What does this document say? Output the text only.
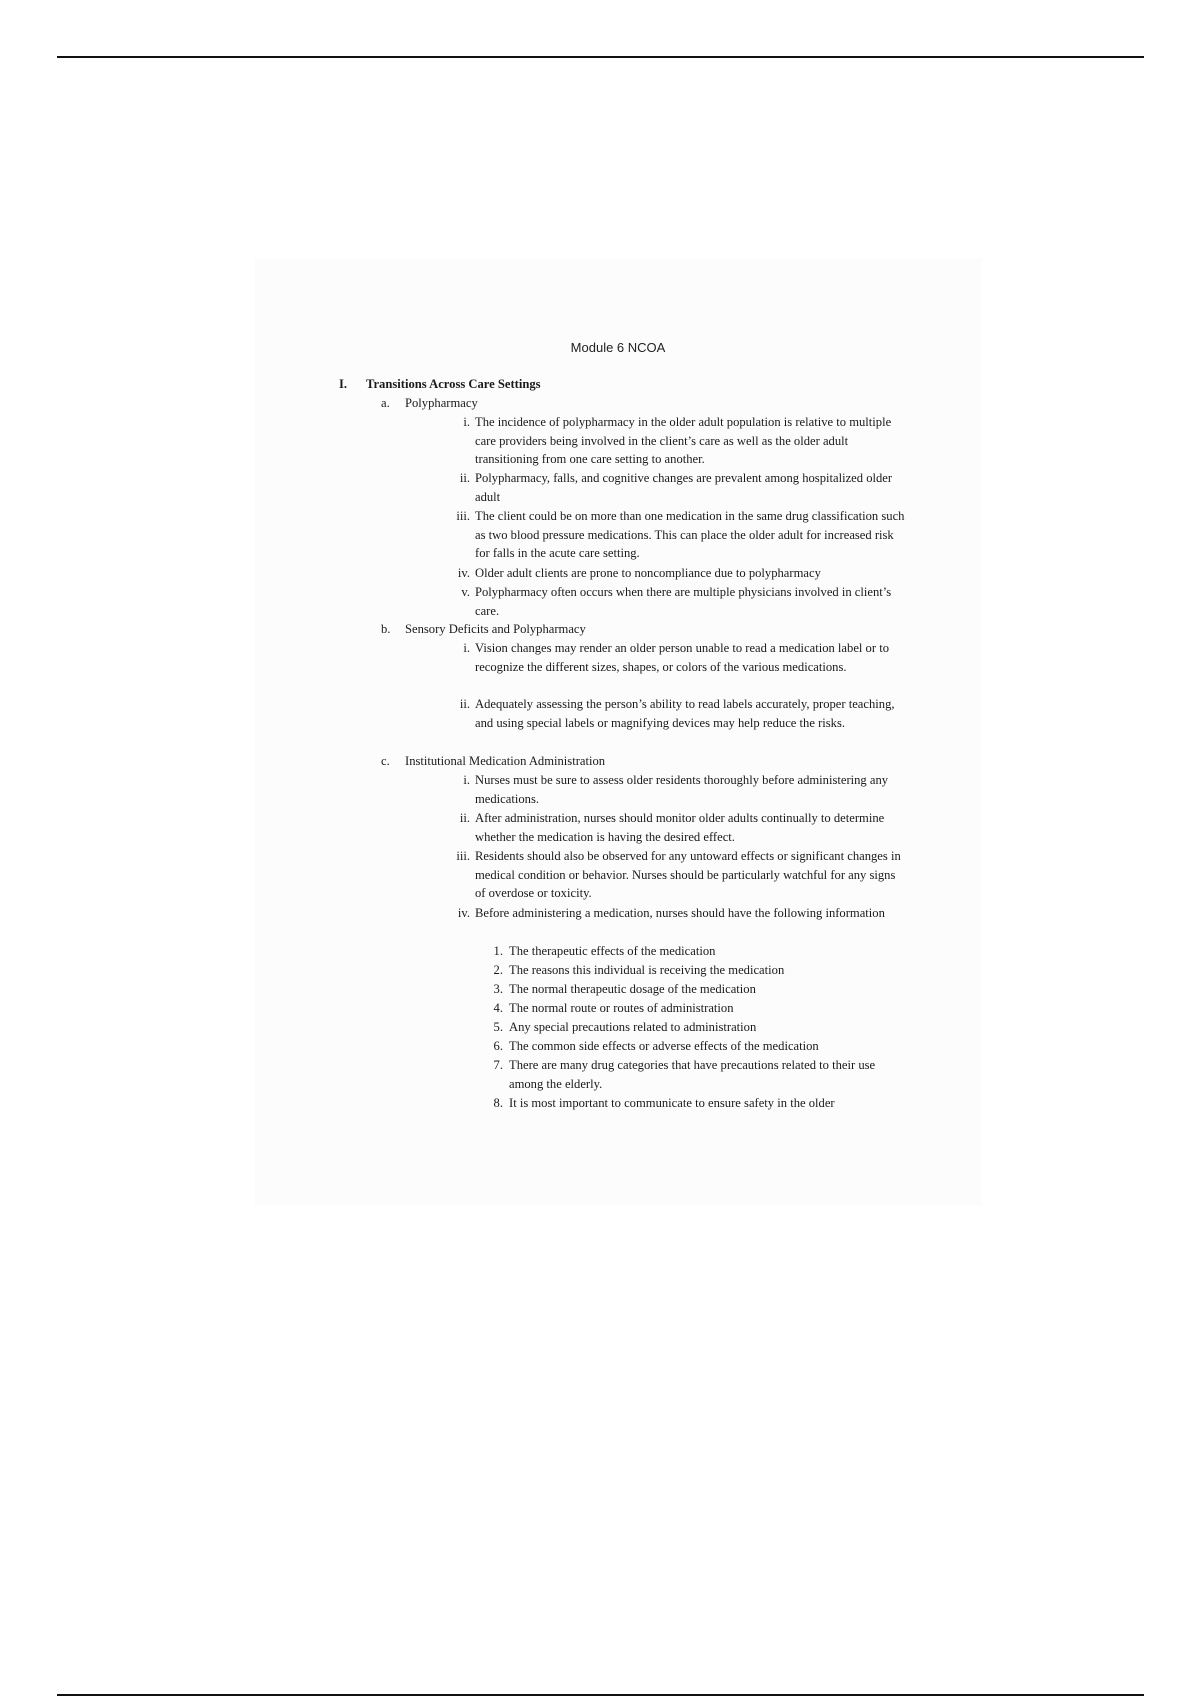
Module 6 NCOA
I.	Transitions Across Care Settings
a. Polypharmacy
i. The incidence of polypharmacy in the older adult population is relative to multiple care providers being involved in the client’s care as well as the older adult transitioning from one care setting to another.
ii. Polypharmacy, falls, and cognitive changes are prevalent among hospitalized older adult
iii. The client could be on more than one medication in the same drug classification such as two blood pressure medications. This can place the older adult for increased risk for falls in the acute care setting.
iv. Older adult clients are prone to noncompliance due to polypharmacy
v. Polypharmacy often occurs when there are multiple physicians involved in client’s care.
b. Sensory Deficits and Polypharmacy
i. Vision changes may render an older person unable to read a medication label or to recognize the different sizes, shapes, or colors of the various medications.
ii. Adequately assessing the person’s ability to read labels accurately, proper teaching, and using special labels or magnifying devices may help reduce the risks.
c. Institutional Medication Administration
i. Nurses must be sure to assess older residents thoroughly before administering any medications.
ii. After administration, nurses should monitor older adults continually to determine whether the medication is having the desired effect.
iii. Residents should also be observed for any untoward effects or significant changes in medical condition or behavior. Nurses should be particularly watchful for any signs of overdose or toxicity.
iv. Before administering a medication, nurses should have the following information
1. The therapeutic effects of the medication
2. The reasons this individual is receiving the medication
3. The normal therapeutic dosage of the medication
4. The normal route or routes of administration
5. Any special precautions related to administration
6. The common side effects or adverse effects of the medication
7. There are many drug categories that have precautions related to their use among the elderly.
8. It is most important to communicate to ensure safety in the older
